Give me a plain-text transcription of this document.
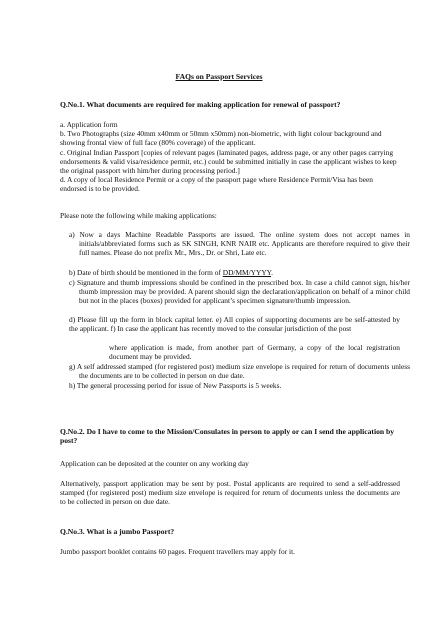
FAQs on Passport Services
Q.No.1. What documents are required for making application for renewal of passport?
a. Application form
b. Two Photographs (size 40mm x40mm or 50mm x50mm) non-biometric, with light colour background and showing frontal view of full face (80% coverage) of the applicant.
c. Original Indian Passport [copies of relevant pages (laminated pages, address page, or any other pages carrying endorsements & valid visa/residence permit, etc.) could be submitted initially in case the applicant wishes to keep the original passport with him/her during processing period.]
d. A copy of local Residence Permit or a copy of the passport page where Residence Permit/Visa has been endorsed is to be provided.
Please note the following while making applications:
a) Now a days Machine Readable Passports are issued. The online system does not accept names in initials/abbreviated forms such as SK SINGH, KNR NAIR etc. Applicants are therefore required to give their full names. Please do not prefix Mr., Mrs., Dr. or Shri, Late etc.
b) Date of birth should be mentioned in the form of DD/MM/YYYY.
c) Signature and thumb impressions should be confined in the prescribed box. In case a child cannot sign, his/her thumb impression may be provided. A parent should sign the declaration/application on behalf of a minor child but not in the places (boxes) provided for applicant’s specimen signature/thumb impression.
d) Please fill up the form in block capital letter. e) All copies of supporting documents are be self-attested by the applicant. f) In case the applicant has recently moved to the consular jurisdiction of the post
where application is made, from another part of Germany, a copy of the local registration document may be provided.
g) A self addressed stamped (for registered post) medium size envelope is required for return of documents unless the documents are to be collected in person on due date.
h) The general processing period for issue of New Passports is 5 weeks.
Q.No.2. Do I have to come to the Mission/Consulates in person to apply or can I send the application by post?
Application can be deposited at the counter on any working day
Alternatively, passport application may be sent by post. Postal applicants are required to send a self-addressed stamped (for registered post) medium size envelope is required for return of documents unless the documents are to be collected in person on due date.
Q.No.3. What is a jumbo Passport?
Jumbo passport booklet contains 60 pages. Frequent travellers may apply for it.
